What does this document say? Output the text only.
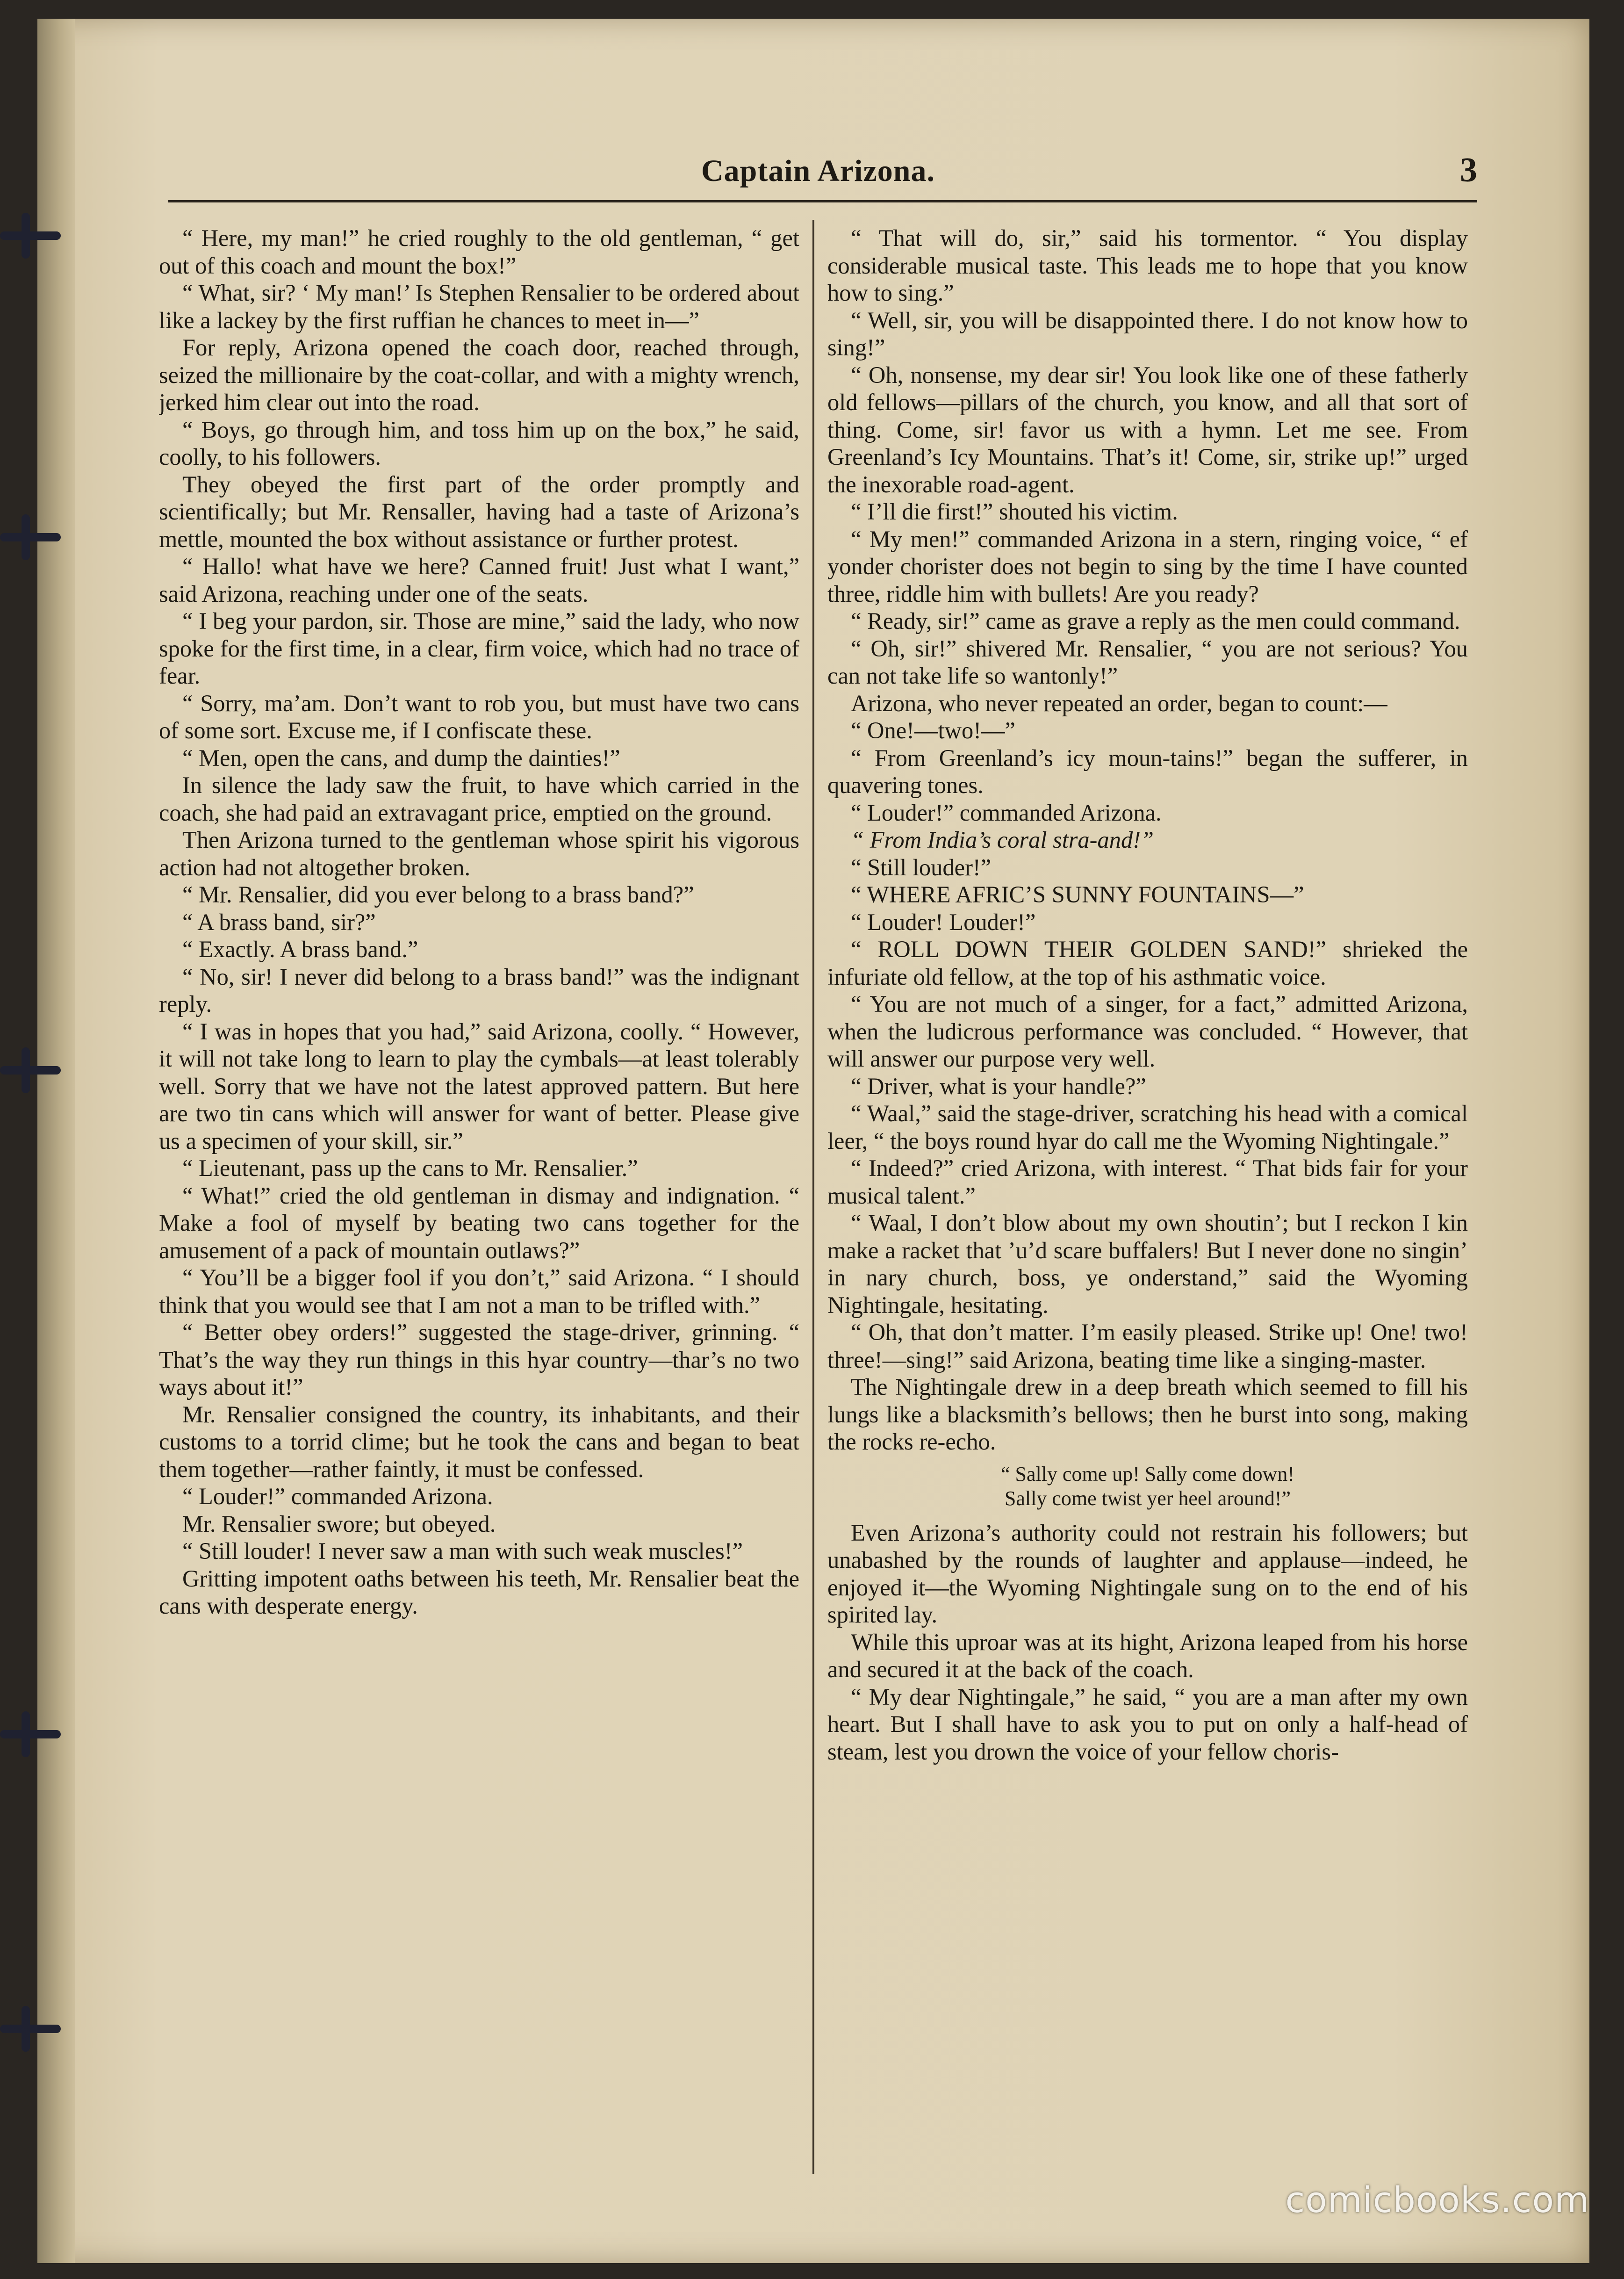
Captain Arizona.	3

“ Here, my man!” he cried roughly to the old gentleman, “ get out of this coach and mount the box!”

“ What, sir? ‘ My man!’ Is Stephen Rensalier to be ordered about like a lackey by the first ruffian he chances to meet in—”

For reply, Arizona opened the coach door, reached through, seized the millionaire by the coat-collar, and with a mighty wrench, jerked him clear out into the road.

“ Boys, go through him, and toss him up on the box,” he said, coolly, to his followers.

They obeyed the first part of the order promptly and scientifically; but Mr. Rensaller, having had a taste of Arizona’s mettle, mounted the box without assistance or further protest.

“ Hallo! what have we here? Canned fruit! Just what I want,” said Arizona, reaching under one of the seats.

“ I beg your pardon, sir. Those are mine,” said the lady, who now spoke for the first time, in a clear, firm voice, which had no trace of fear.

“ Sorry, ma’am. Don’t want to rob you, but must have two cans of some sort. Excuse me, if I confiscate these.

“ Men, open the cans, and dump the dainties!”

In silence the lady saw the fruit, to have which carried in the coach, she had paid an extravagant price, emptied on the ground.

Then Arizona turned to the gentleman whose spirit his vigorous action had not altogether broken.

“ Mr. Rensalier, did you ever belong to a brass band?”

“ A brass band, sir?”

“ Exactly. A brass band.”

“ No, sir! I never did belong to a brass band!” was the indignant reply.

“ I was in hopes that you had,” said Arizona, coolly. “ However, it will not take long to learn to play the cymbals—at least tolerably well. Sorry that we have not the latest approved pattern. But here are two tin cans which will answer for want of better. Please give us a specimen of your skill, sir.”

“ Lieutenant, pass up the cans to Mr. Rensalier.”

“ What!” cried the old gentleman in dismay and indignation. “ Make a fool of myself by beating two cans together for the amusement of a pack of mountain outlaws?”

“ You’ll be a bigger fool if you don’t,” said Arizona. “ I should think that you would see that I am not a man to be trifled with.”

“ Better obey orders!” suggested the stage-driver, grinning. “ That’s the way they run things in this hyar country—thar’s no two ways about it!”

Mr. Rensalier consigned the country, its inhabitants, and their customs to a torrid clime; but he took the cans and began to beat them together—rather faintly, it must be confessed.

“ Louder!” commanded Arizona.

Mr. Rensalier swore; but obeyed.

“ Still louder! I never saw a man with such weak muscles!”

Gritting impotent oaths between his teeth, Mr. Rensalier beat the cans with desperate energy.

“ That will do, sir,” said his tormentor. “ You display considerable musical taste. This leads me to hope that you know how to sing.”

“ Well, sir, you will be disappointed there. I do not know how to sing!”

“ Oh, nonsense, my dear sir! You look like one of these fatherly old fellows—pillars of the church, you know, and all that sort of thing. Come, sir! favor us with a hymn. Let me see. From Greenland’s Icy Mountains. That’s it! Come, sir, strike up!” urged the inexorable road-agent.

“ I’ll die first!” shouted his victim.

“ My men!” commanded Arizona in a stern, ringing voice, “ ef yonder chorister does not begin to sing by the time I have counted three, riddle him with bullets! Are you ready?

“ Ready, sir!” came as grave a reply as the men could command.

“ Oh, sir!” shivered Mr. Rensalier, “ you are not serious? You can not take life so wantonly!”

Arizona, who never repeated an order, began to count:—

“ One!—two!—”

“ From Greenland’s icy moun-tains!” began the sufferer, in quavering tones.

“ Louder!” commanded Arizona.

“ From India’s coral stra-and!”

“ Still louder!”

“ WHERE AFRIC’S SUNNY FOUNTAINS—”

“ Louder! Louder!”

“ ROLL DOWN THEIR GOLDEN SAND!” shrieked the infuriate old fellow, at the top of his asthmatic voice.

“ You are not much of a singer, for a fact,” admitted Arizona, when the ludicrous performance was concluded. “ However, that will answer our purpose very well.

“ Driver, what is your handle?”

“ Waal,” said the stage-driver, scratching his head with a comical leer, “ the boys round hyar do call me the Wyoming Nightingale.”

“ Indeed?” cried Arizona, with interest. “ That bids fair for your musical talent.”

“ Waal, I don’t blow about my own shoutin’; but I reckon I kin make a racket that ’u’d scare buffalers! But I never done no singin’ in nary church, boss, ye onderstand,” said the Wyoming Nightingale, hesitating.

“ Oh, that don’t matter. I’m easily pleased. Strike up! One! two! three!—sing!” said Arizona, beating time like a singing-master.

The Nightingale drew in a deep breath which seemed to fill his lungs like a blacksmith’s bellows; then he burst into song, making the rocks re-echo.

“ Sally come up! Sally come down!
Sally come twist yer heel around!”

Even Arizona’s authority could not restrain his followers; but unabashed by the rounds of laughter and applause—indeed, he enjoyed it—the Wyoming Nightingale sung on to the end of his spirited lay.

While this uproar was at its hight, Arizona leaped from his horse and secured it at the back of the coach.

“ My dear Nightingale,” he said, “ you are a man after my own heart. But I shall have to ask you to put on only a half-head of steam, lest you drown the voice of your fellow choris-

comicbooks.com
